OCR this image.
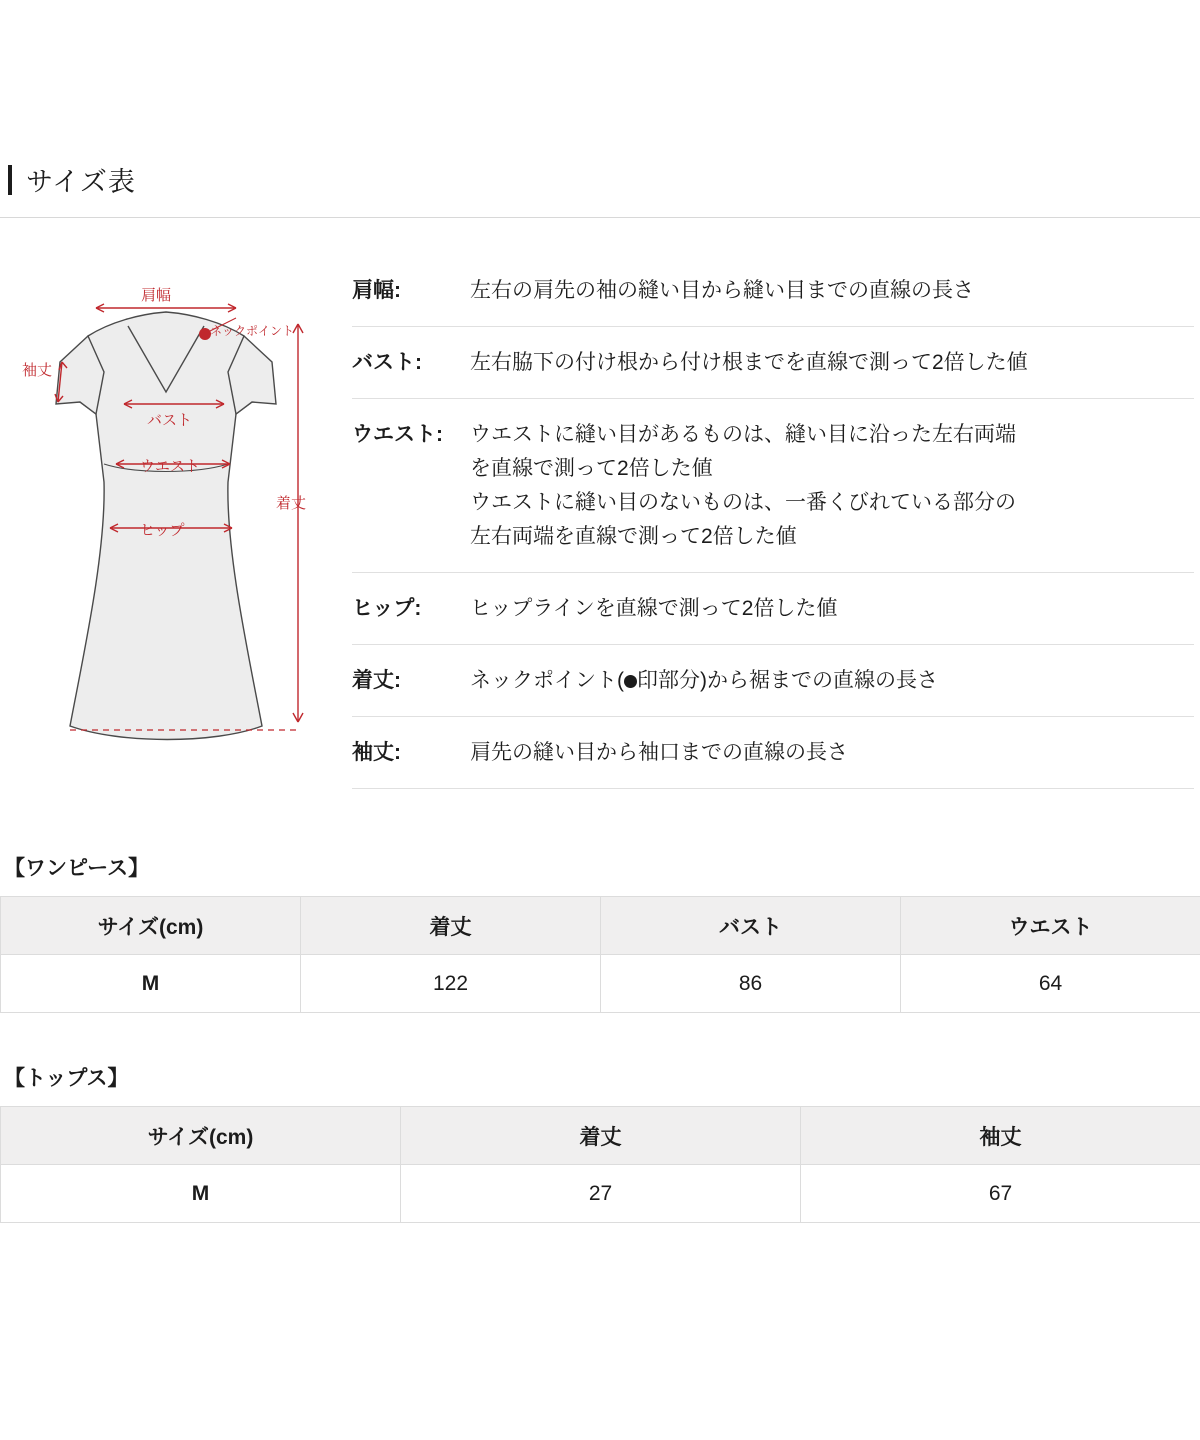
サイズ表
肩幅
ネックポイント
袖丈
バスト
ウエスト
ヒップ
着丈
肩幅:	左右の肩先の袖の縫い目から縫い目までの直線の長さ
バスト:	左右脇下の付け根から付け根までを直線で測って2倍した値
ウエスト:	ウエストに縫い目があるものは、縫い目に沿った左右両端
を直線で測って2倍した値
ウエストに縫い目のないものは、一番くびれている部分の
左右両端を直線で測って2倍した値
ヒップ:	ヒップラインを直線で測って2倍した値
着丈:	ネックポイント( 印部分)から裾までの直線の長さ
袖丈:	肩先の縫い目から袖口までの直線の長さ
【ワンピース】
サイズ(cm)	着丈	バスト	ウエスト
M	122	86	64
【トップス】
サイズ(cm)	着丈	袖丈
M	27	67
